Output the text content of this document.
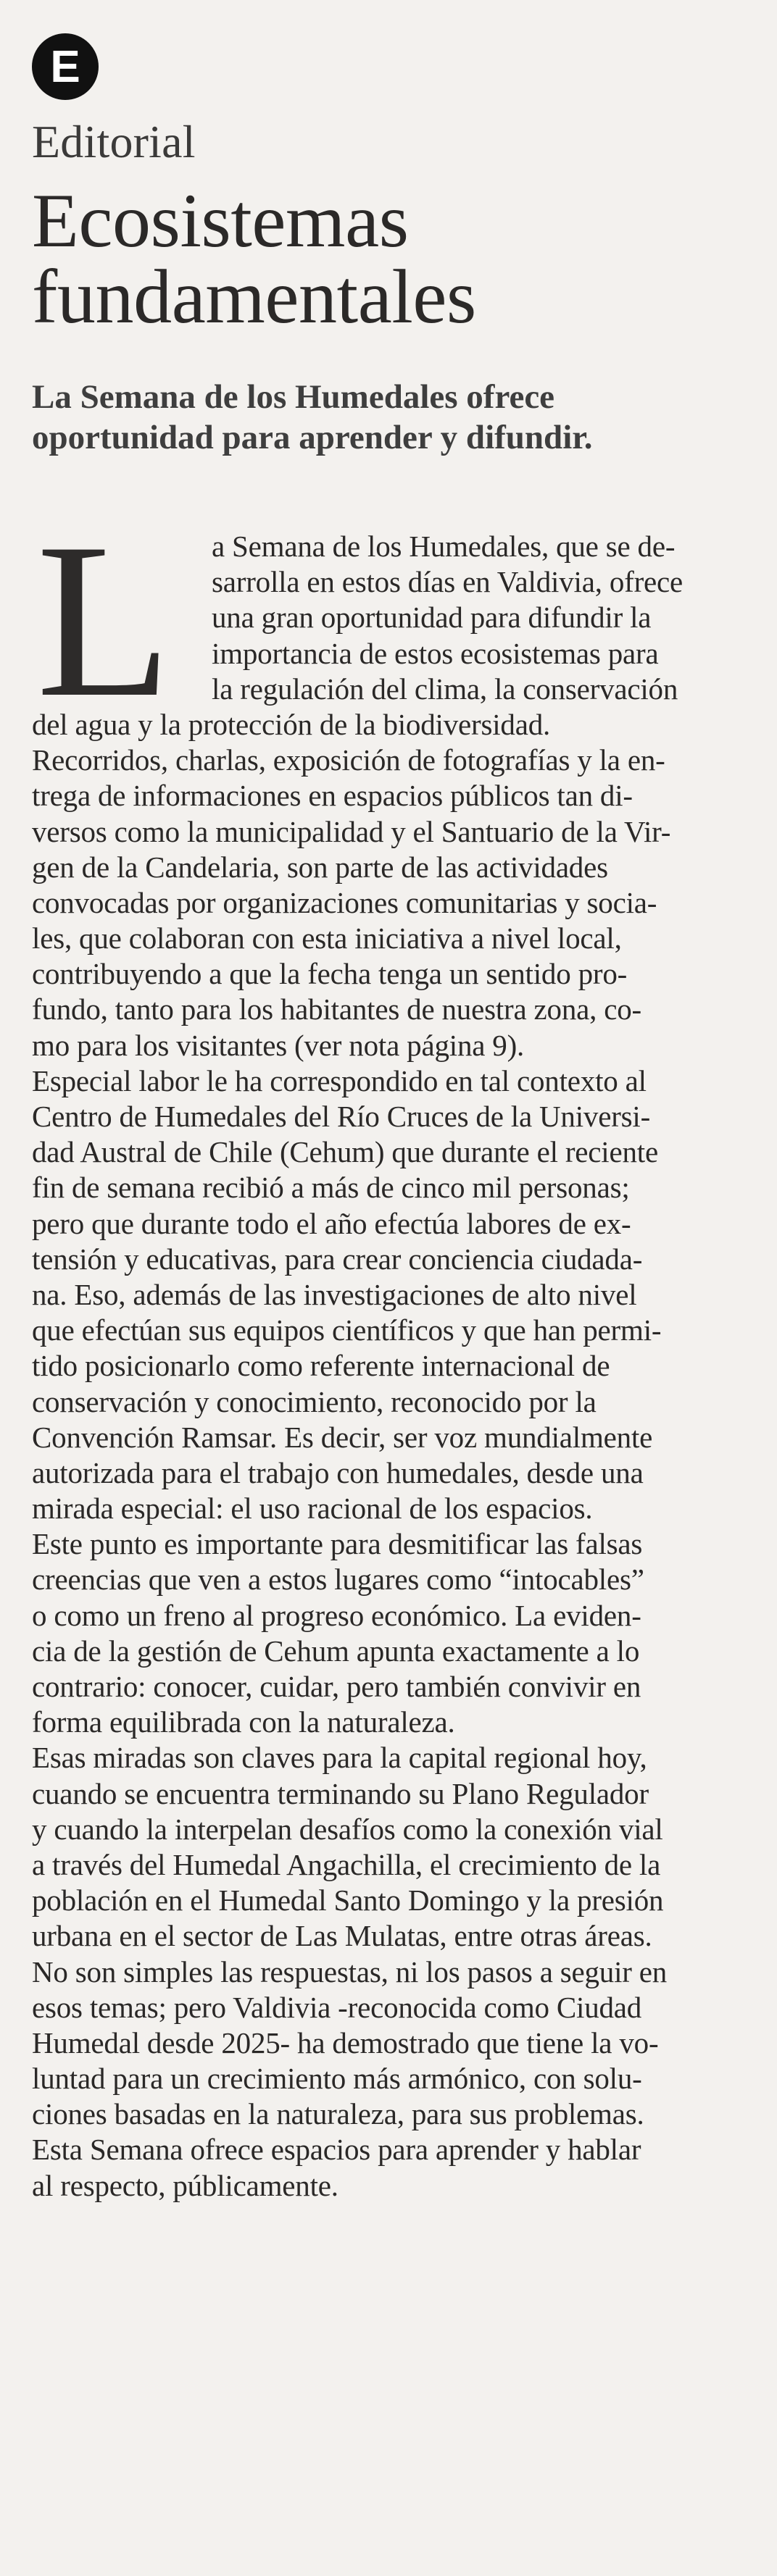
E
Editorial
Ecosistemas
fundamentales
La Semana de los Humedales ofrece
oportunidad para aprender y difundir.
L	a Semana de los Humedales, que se de-
sarrolla en estos días en Valdivia, ofrece
una gran oportunidad para difundir la
importancia de estos ecosistemas para
la regulación del clima, la conservación
del agua y la protección de la biodiversidad.
Recorridos, charlas, exposición de fotografías y la en-
trega de informaciones en espacios públicos tan di-
versos como la municipalidad y el Santuario de la Vir-
gen de la Candelaria, son parte de las actividades
convocadas por organizaciones comunitarias y socia-
les, que colaboran con esta iniciativa a nivel local,
contribuyendo a que la fecha tenga un sentido pro-
fundo, tanto para los habitantes de nuestra zona, co-
mo para los visitantes (ver nota página 9).
Especial labor le ha correspondido en tal contexto al
Centro de Humedales del Río Cruces de la Universi-
dad Austral de Chile (Cehum) que durante el reciente
fin de semana recibió a más de cinco mil personas;
pero que durante todo el año efectúa labores de ex-
tensión y educativas, para crear conciencia ciudada-
na. Eso, además de las investigaciones de alto nivel
que efectúan sus equipos científicos y que han permi-
tido posicionarlo como referente internacional de
conservación y conocimiento, reconocido por la
Convención Ramsar. Es decir, ser voz mundialmente
autorizada para el trabajo con humedales, desde una
mirada especial: el uso racional de los espacios.
Este punto es importante para desmitificar las falsas
creencias que ven a estos lugares como “intocables”
o como un freno al progreso económico. La eviden-
cia de la gestión de Cehum apunta exactamente a lo
contrario: conocer, cuidar, pero también convivir en
forma equilibrada con la naturaleza.
Esas miradas son claves para la capital regional hoy,
cuando se encuentra terminando su Plano Regulador
y cuando la interpelan desafíos como la conexión vial
a través del Humedal Angachilla, el crecimiento de la
población en el Humedal Santo Domingo y la presión
urbana en el sector de Las Mulatas, entre otras áreas.
No son simples las respuestas, ni los pasos a seguir en
esos temas; pero Valdivia -reconocida como Ciudad
Humedal desde 2025- ha demostrado que tiene la vo-
luntad para un crecimiento más armónico, con solu-
ciones basadas en la naturaleza, para sus problemas.
Esta Semana ofrece espacios para aprender y hablar
al respecto, públicamente.
